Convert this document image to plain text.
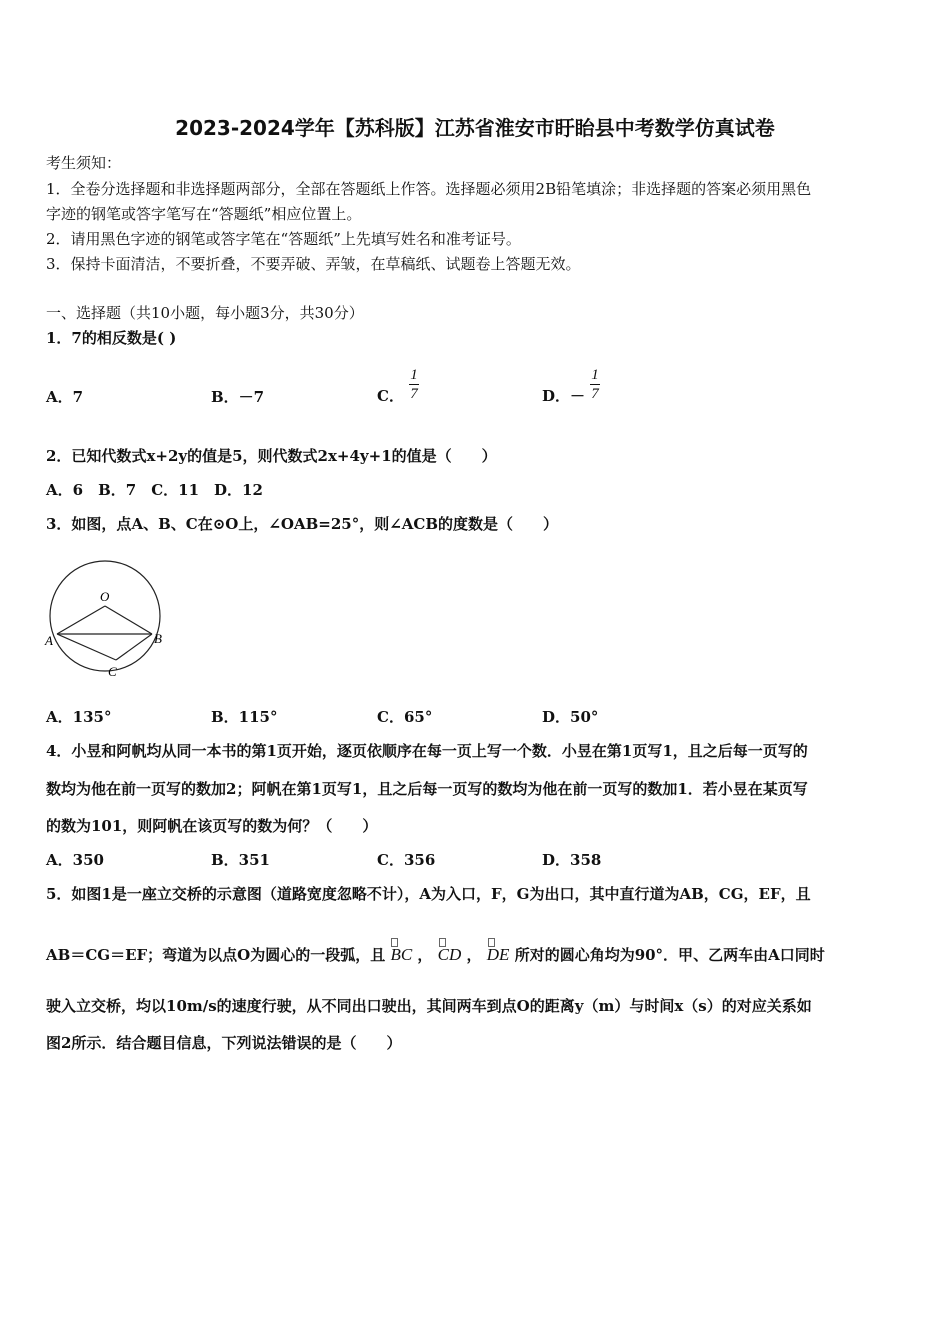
2023-2024学年【苏科版】江苏省淮安市盱眙县中考数学仿真试卷
考生须知：
1．全卷分选择题和非选择题两部分，全部在答题纸上作答。选择题必须用2B铅笔填涂；非选择题的答案必须用黑色
字迹的钢笔或答字笔写在“答题纸”相应位置上。
2．请用黑色字迹的钢笔或答字笔在“答题纸”上先填写姓名和准考证号。
3．保持卡面清洁，不要折叠，不要弄破、弄皱，在草稿纸、试题卷上答题无效。
一、选择题（共10小题，每小题3分，共30分）
1．7的相反数是( )
A．7	B．－7	C． $\frac{1}{7}$	D．－ $\frac{1}{7}$
2．已知代数式x+2y的值是5，则代数式2x+4y+1的值是（　　）
A．6　B．7　C．11　D．12
3．如图，点A、B、C在⊙O上，∠OAB=25°，则∠ACB的度数是（　　）
O
A	B
C
A．135°	B．115°	C．65°	D．50°
4．小昱和阿帆均从同一本书的第1页开始，逐页依顺序在每一页上写一个数．小昱在第1页写1，且之后每一页写的
数均为他在前一页写的数加2；阿帆在第1页写1，且之后每一页写的数均为他在前一页写的数加1．若小昱在某页写
的数为101，则阿帆在该页写的数为何？（　　）
A．350	B．351	C．356	D．358
5．如图1是一座立交桥的示意图（道路宽度忽略不计），A为入口，F，G为出口，其中直行道为AB，CG，EF，且
AB＝CG＝EF；弯道为以点O为圆心的一段弧，且 BC ， CD ， DE 所对的圆心角均为90°．甲、乙两车由A口同时
驶入立交桥，均以10m/s的速度行驶，从不同出口驶出，其间两车到点O的距离y（m）与时间x（s）的对应关系如
图2所示．结合题目信息，下列说法错误的是（　　）
